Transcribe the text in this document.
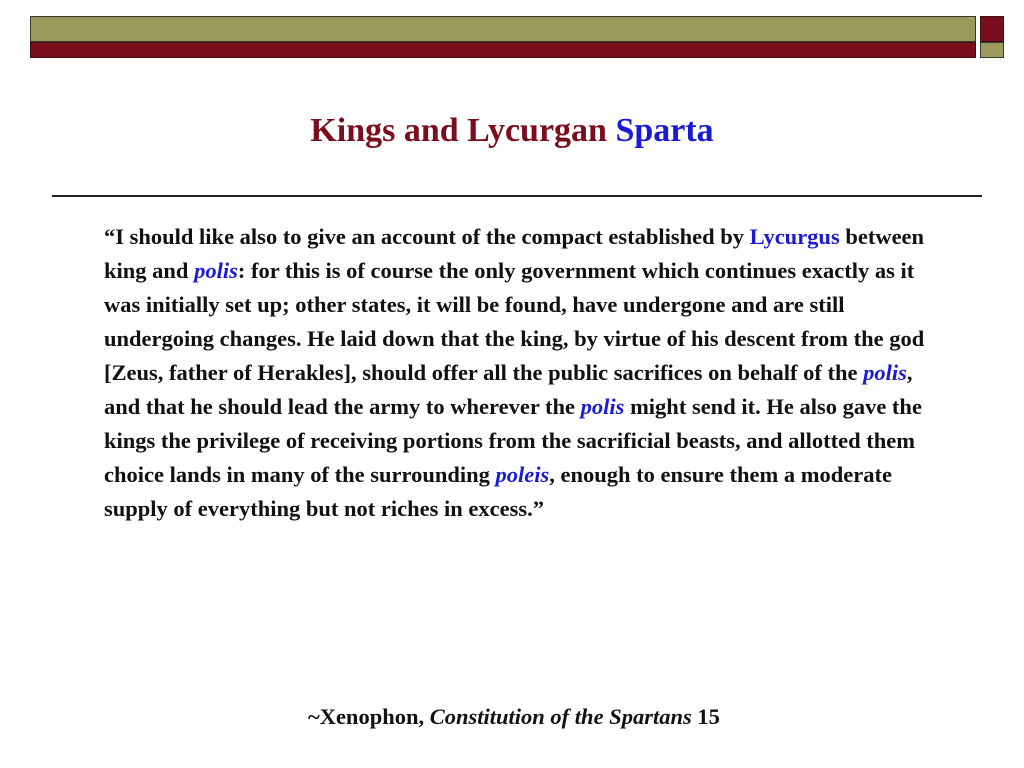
Kings and Lycurgan Sparta

“I should like also to give an account of the compact established by Lycurgus between king and polis: for this is of course the only government which continues exactly as it was initially set up; other states, it will be found, have undergone and are still undergoing changes. He laid down that the king, by virtue of his descent from the god [Zeus, father of Herakles], should offer all the public sacrifices on behalf of the polis, and that he should lead the army to wherever the polis might send it. He also gave the kings the privilege of receiving portions from the sacrificial beasts, and allotted them choice lands in many of the surrounding poleis, enough to ensure them a moderate supply of everything but not riches in excess.”

~Xenophon, Constitution of the Spartans 15
